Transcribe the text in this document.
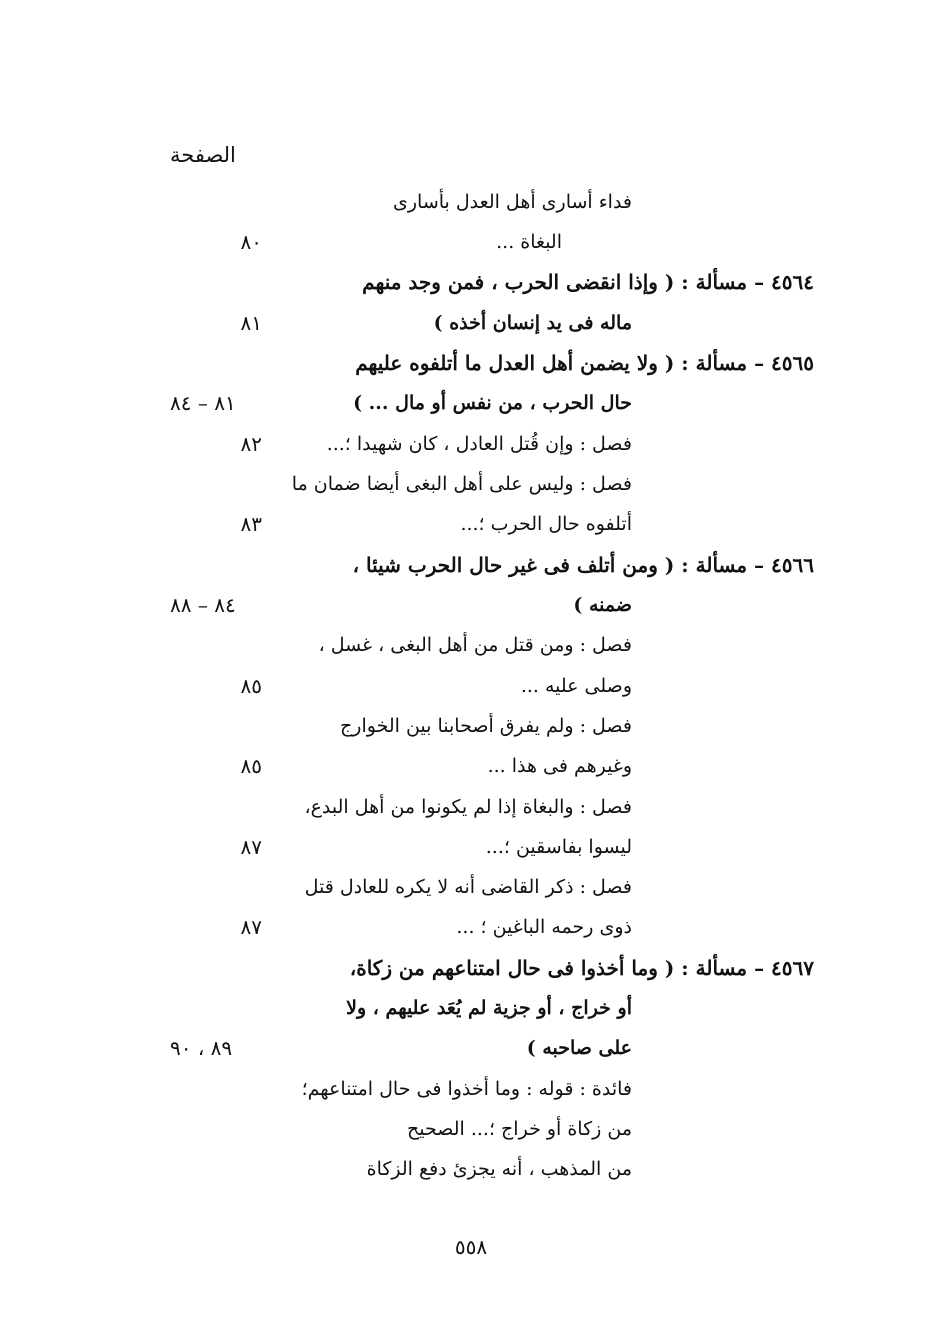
الصفحة
فداء أسارى أهل العدل بأسارى
البغاة ...
٨٠
٤٥٦٤ – مسألة : ( وإذا انقضى الحرب ، فمن وجد منهم
ماله فى يد إنسان أخذه )
٨١
٤٥٦٥ – مسألة : ( ولا يضمن أهل العدل ما أتلفوه عليهم
حال الحرب ، من نفس أو مال ... )
٨١ – ٨٤
فصل : وإن قُتل العادل ، كان شهيدا ؛...
٨٢
فصل : وليس على أهل البغى أيضا ضمان ما
أتلفوه حال الحرب ؛...
٨٣
٤٥٦٦ – مسألة : ( ومن أتلف فى غير حال الحرب شيئا ،
ضمنه )
٨٤ – ٨٨
فصل : ومن قتل من أهل البغى ، غسل ،
وصلى عليه ...
٨٥
فصل : ولم يفرق أصحابنا بين الخوارج
وغيرهم فى هذا ...
٨٥
فصل : والبغاة إذا لم يكونوا من أهل البدع،
ليسوا بفاسقين ؛...
٨٧
فصل : ذكر القاضى أنه لا يكره للعادل قتل
ذوى رحمه الباغين ؛ ...
٨٧
٤٥٦٧ – مسألة : ( وما أخذوا فى حال امتناعهم من زكاة،
أو خراج ، أو جزية لم يُعَد عليهم ، ولا
على صاحبه )
٨٩ ، ٩٠
فائدة : قوله : وما أخذوا فى حال امتناعهم؛
من زكاة أو خراج ؛... الصحيح
من المذهب ، أنه يجزئ دفع الزكاة
٥٥٨
